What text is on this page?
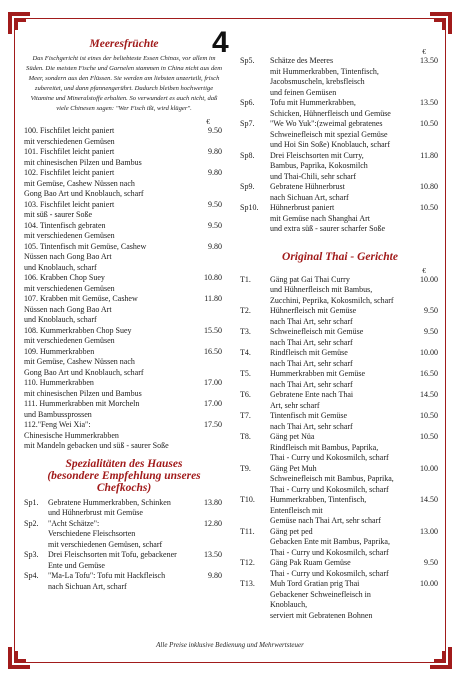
4
Meeresfrüchte

Das Fischgericht ist eines der beliebteste Essen Chinas, vor allem im Süden. Die meisten Fische und Garnelen stammen in China nicht aus dem Meer, sondern aus den Flüssen. Sie werden am liebsten unzerteilt, frisch zubereitet, und dann pfannengerührt. Dadurch bleiben hochwertige Vitamine und Mineralstoffe erhalten. So verwundert es auch nicht, daß viele Chinesen sagen: "Wer Fisch ißt, wird klüger".

€
100. Fischfilet leicht paniert
mit verschiedenen Gemüsen
9.50
101. Fischfilet leicht paniert
mit chinesischen Pilzen und Bambus
9.80
102. Fischfilet leicht paniert
mit Gemüse, Cashew Nüssen nach
Gong Bao Art und Knoblauch, scharf
9.80
103. Fischfilet leicht paniert
mit süß - saurer Soße
9.50
104. Tintenfisch gebraten
mit verschiedenen Gemüsen
9.50
105. Tintenfisch mit Gemüse, Cashew
Nüssen nach Gong Bao Art
und Knoblauch, scharf
9.80
106. Krabben Chop Suey
mit verschiedenen Gemüsen
10.80
107. Krabben mit Gemüse, Cashew
Nüssen nach Gong Bao Art
und Knoblauch, scharf
11.80
108. Kummerkrabben Chop Suey
mit verschiedenen Gemüsen
15.50
109. Hummerkrabben
mit Gemüse, Cashew Nüssen nach
Gong Bao Art und Knoblauch, scharf
16.50
110. Hummerkrabben
mit chinesischen Pilzen und Bambus
17.00
111. Hummerkrabben mit Morcheln
und Bambussprossen
17.00
112."Feng Wei Xia":
Chinesische Hummerkrabben
mit Mandeln gebacken und süß - saurer Soße
17.50
Spezialitäten des Hauses
(besondere Empfehlung unseres Chefkochs)
Sp1.	Gebratene Hummerkrabben, Schinken
und Hühnerbrust mit Gemüse
13.80
Sp2.	"Acht Schätze":
Verschiedene Fleischsorten
mit verschiedenen Gemüsen, scharf
12.80
Sp3.	Drei Fleischsorten mit Tofu, gebackener
Ente und Gemüse
13.50
Sp4.	"Ma-La Tofu": Tofu mit Hackfleisch
nach Sichuan Art, scharf
9.80
€
Sp5.	Schätze des Meeres
mit Hummerkrabben, Tintenfisch,
Jacobsmuscheln, krebsfleisch
und feinen Gemüsen
13.50
Sp6.	Tofu mit Hummerkrabben,
Schicken, Hühnerfleisch und Gemüse
13.50
Sp7.	"We Wo Yuk":(zweimal gebratenes
Schweinefleisch mit spezial Gemüse
und Hoi Sin Soße) Knoblauch, scharf
10.50
Sp8.	Drei Fleischsorten mit Curry,
Bambus, Paprika, Kokosmilch
und Thai-Chili, sehr scharf
11.80
Sp9.	Gebratene Hühnerbrust
nach Sichuan Art, scharf
10.80
Sp10.	Hühnerbrust paniert
mit Gemüse nach Shanghai Art
und extra süß - saurer scharfer Soße
10.50
Original Thai - Gerichte
€
T1.	Gäng pat Gai Thai Curry
und Hühnerfleisch mit Bambus,
Zucchini, Peprika, Kokosmilch, scharf
10.00
T2.	Hühnerfleisch mit Gemüse
nach Thai Art, sehr scharf
9.50
T3.	Schweinefleisch mit Gemüse
nach Thai Art, sehr scharf
9.50
T4.	Rindfleisch mit Gemüse
nach Thai Art, sehr scharf
10.00
T5.	Hummerkrabben mit Gemüse
nach Thai Art, sehr scharf
16.50
T6.	Gebratene Ente nach Thai
Art, sehr scharf
14.50
T7.	Tintenfisch mit Gemüse
nach Thai Art, sehr scharf
10.50
T8.	Gäng pet Nüa
Rindfleisch mit Bambus, Paprika,
Thai - Curry und Kokosmilch, scharf
10.50
T9.	Gäng Pet Muh
Schweinefleisch mit Bambus, Paprika,
Thai - Curry und Kokosmilch, scharf
10.00
T10.	Hummerkrabben, Tintenfisch,
Entenfleisch mit
Gemüse nach Thai Art, sehr scharf
14.50
T11.	Gäng pet ped
Gebacken Ente mit Bambus, Paprika,
Thai - Curry und Kokosmilch, scharf
13.00
T12.	Gäng Pak Ruam Gemüse
Thai - Curry und Kokosmilch, scharf
9.50
T13.	Muh Tord Gratian prig Thai
Gebackener Schweinefleisch in Knoblauch,
serviert mit Gebratenen Bohnen
10.00
Alle Preise inklusive Bedienung und Mehrwertsteuer
